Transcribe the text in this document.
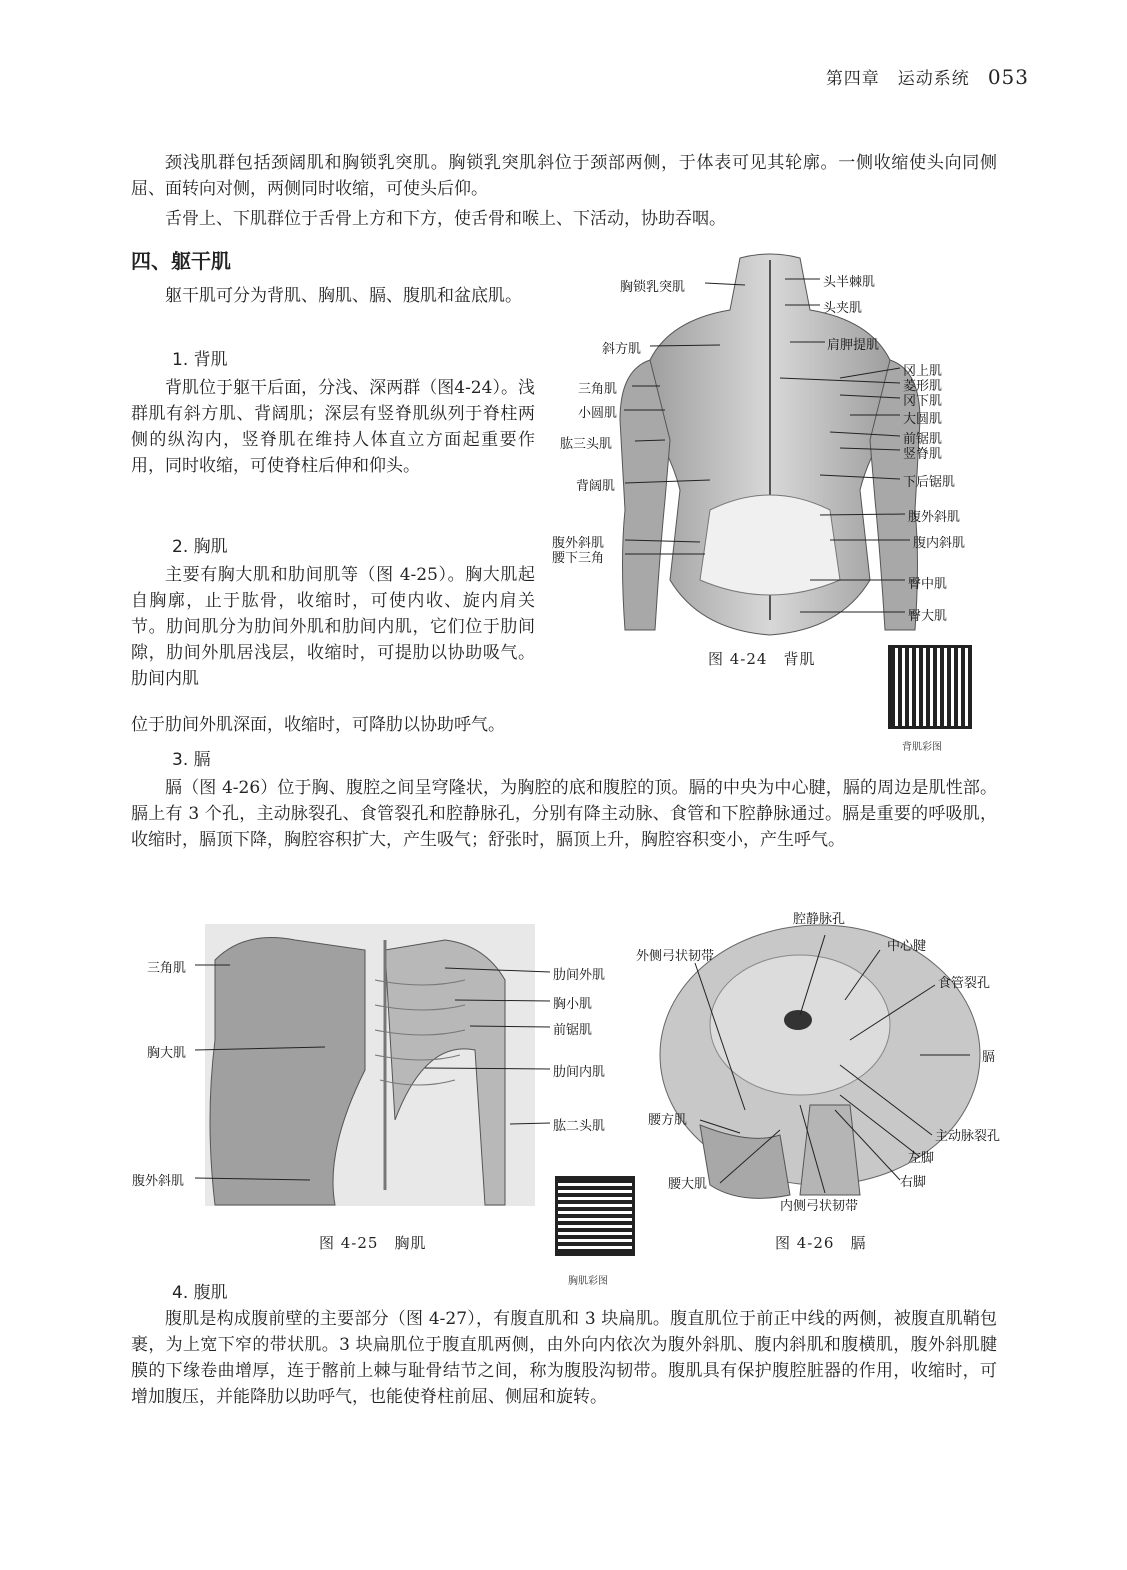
第四章　运动系统 053

颈浅肌群包括颈阔肌和胸锁乳突肌。胸锁乳突肌斜位于颈部两侧，于体表可见其轮廓。一侧收缩使头向同侧屈、面转向对侧，两侧同时收缩，可使头后仰。

舌骨上、下肌群位于舌骨上方和下方，使舌骨和喉上、下活动，协助吞咽。

四、躯干肌

躯干肌可分为背肌、胸肌、膈、腹肌和盆底肌。

1. 背肌

背肌位于躯干后面，分浅、深两群（图4-24）。浅群肌有斜方肌、背阔肌；深层有竖脊肌纵列于脊柱两侧的纵沟内，竖脊肌在维持人体直立方面起重要作用，同时收缩，可使脊柱后伸和仰头。

2. 胸肌

主要有胸大肌和肋间肌等（图 4-25）。胸大肌起自胸廓，止于肱骨，收缩时，可使内收、旋内肩关节。肋间肌分为肋间外肌和肋间内肌，它们位于肋间隙，肋间外肌居浅层，收缩时，可提肋以协助吸气。肋间内肌

位于肋间外肌深面，收缩时，可降肋以协助呼气。

3. 膈

膈（图 4-26）位于胸、腹腔之间呈穹隆状，为胸腔的底和腹腔的顶。膈的中央为中心腱，膈的周边是肌性部。膈上有 3 个孔，主动脉裂孔、食管裂孔和腔静脉孔，分别有降主动脉、食管和下腔静脉通过。膈是重要的呼吸肌，收缩时，膈顶下降，胸腔容积扩大，产生吸气；舒张时，膈顶上升，胸腔容积变小，产生呼气。

胸锁乳突肌
斜方肌
三角肌
小圆肌
肱三头肌
背阔肌
腹外斜肌
腰下三角
头半棘肌
头夹肌
肩胛提肌
冈上肌
菱形肌
冈下肌
大圆肌
前锯肌
竖脊肌
下后锯肌
腹外斜肌
腹内斜肌
臀中肌
臀大肌
图 4-24　背肌
背肌彩图
三角肌
胸大肌
腹外斜肌
肋间外肌
胸小肌
前锯肌
肋间内肌
肱二头肌
图 4-25　胸肌
胸肌彩图
腔静脉孔
中心腱
外侧弓状韧带
食管裂孔
膈
腰方肌
主动脉裂孔
左脚
右脚
腰大肌
内侧弓状韧带
图 4-26　膈
4. 腹肌

腹肌是构成腹前壁的主要部分（图 4-27），有腹直肌和 3 块扁肌。腹直肌位于前正中线的两侧，被腹直肌鞘包裹，为上宽下窄的带状肌。3 块扁肌位于腹直肌两侧，由外向内依次为腹外斜肌、腹内斜肌和腹横肌，腹外斜肌腱膜的下缘卷曲增厚，连于髂前上棘与耻骨结节之间，称为腹股沟韧带。腹肌具有保护腹腔脏器的作用，收缩时，可增加腹压，并能降肋以助呼气，也能使脊柱前屈、侧屈和旋转。
